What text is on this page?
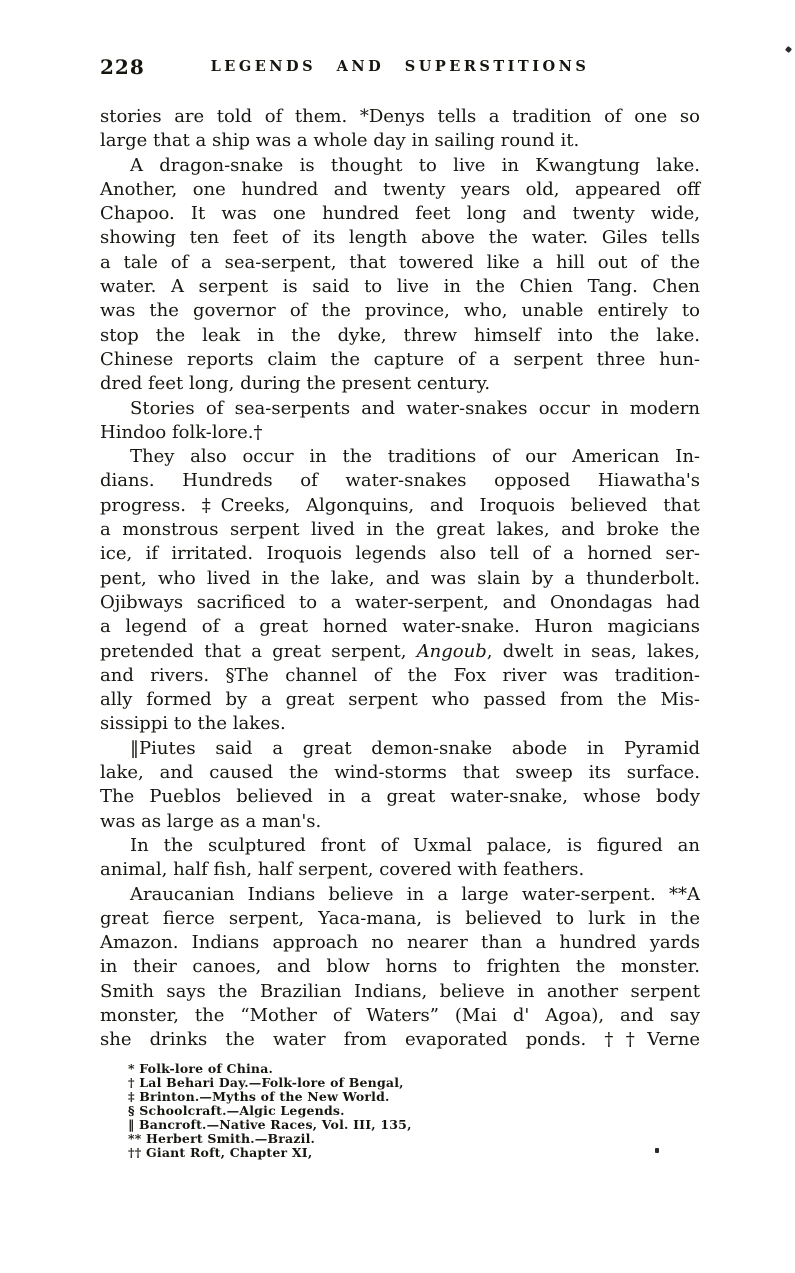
228	LEGENDS AND SUPERSTITIONS
stories are told of them. *Denys tells a tradition of one so
large that a ship was a whole day in sailing round it.
A dragon-snake is thought to live in Kwangtung lake.
Another, one hundred and twenty years old, appeared off
Chapoo. It was one hundred feet long and twenty wide,
showing ten feet of its length above the water. Giles tells
a tale of a sea-serpent, that towered like a hill out of the
water. A serpent is said to live in the Chien Tang. Chen
was the governor of the province, who, unable entirely to
stop the leak in the dyke, threw himself into the lake.
Chinese reports claim the capture of a serpent three hun-
dred feet long, during the present century.
Stories of sea-serpents and water-snakes occur in modern
Hindoo folk-lore.†
They also occur in the traditions of our American In-
dians. Hundreds of water-snakes opposed Hiawatha's
progress. ‡Creeks, Algonquins, and Iroquois believed that
a monstrous serpent lived in the great lakes, and broke the
ice, if irritated. Iroquois legends also tell of a horned ser-
pent, who lived in the lake, and was slain by a thunderbolt.
Ojibways sacrificed to a water-serpent, and Onondagas had
a legend of a great horned water-snake. Huron magicians
pretended that a great serpent, Angoub, dwelt in seas, lakes,
and rivers. §The channel of the Fox river was tradition-
ally formed by a great serpent who passed from the Mis-
sissippi to the lakes.
‖Piutes said a great demon-snake abode in Pyramid
lake, and caused the wind-storms that sweep its surface.
The Pueblos believed in a great water-snake, whose body
was as large as a man's.
In the sculptured front of Uxmal palace, is figured an
animal, half fish, half serpent, covered with feathers.
Araucanian Indians believe in a large water-serpent. **A
great fierce serpent, Yaca-mana, is believed to lurk in the
Amazon. Indians approach no nearer than a hundred yards
in their canoes, and blow horns to frighten the monster.
Smith says the Brazilian Indians, believe in another serpent
monster, the “Mother of Waters” (Mai d' Agoa), and say
she drinks the water from evaporated ponds. ††Verne
* Folk-lore of China.
† Lal Behari Day.—Folk-lore of Bengal,
‡ Brinton.—Myths of the New World.
§ Schoolcraft.—Algic Legends.
‖ Bancroft.—Native Races, Vol. III, 135,
** Herbert Smith.—Brazil.
†† Giant Roft, Chapter XI,
